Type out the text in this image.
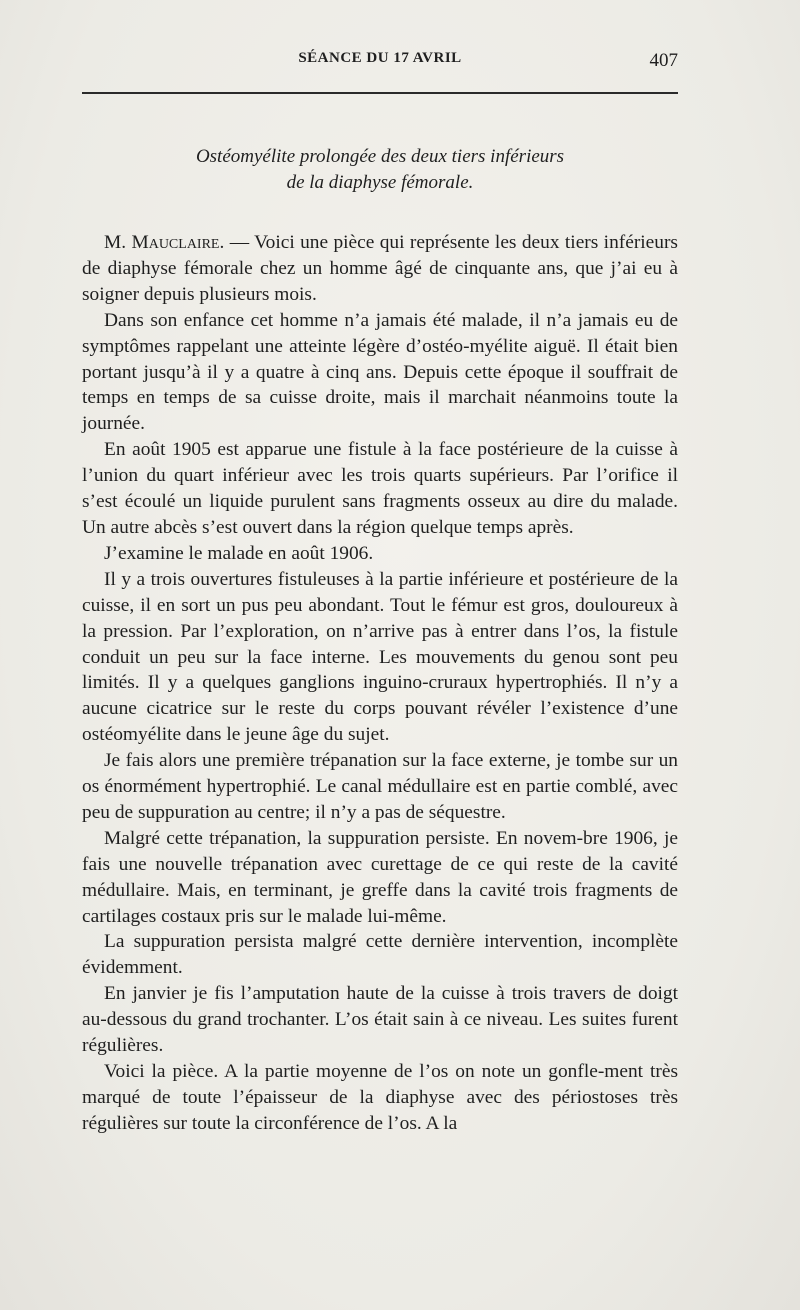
SÉANCE DU 17 AVRIL	407
Ostéomyélite prolongée des deux tiers inférieurs
de la diaphyse fémorale.

M. Mauclaire. — Voici une pièce qui représente les deux tiers inférieurs de diaphyse fémorale chez un homme âgé de cinquante ans, que j’ai eu à soigner depuis plusieurs mois.

Dans son enfance cet homme n’a jamais été malade, il n’a jamais eu de symptômes rappelant une atteinte légère d’ostéo-myélite aiguë. Il était bien portant jusqu’à il y a quatre à cinq ans. Depuis cette époque il souffrait de temps en temps de sa cuisse droite, mais il marchait néanmoins toute la journée.

En août 1905 est apparue une fistule à la face postérieure de la cuisse à l’union du quart inférieur avec les trois quarts supérieurs. Par l’orifice il s’est écoulé un liquide purulent sans fragments osseux au dire du malade. Un autre abcès s’est ouvert dans la région quelque temps après.

J’examine le malade en août 1906.

Il y a trois ouvertures fistuleuses à la partie inférieure et postérieure de la cuisse, il en sort un pus peu abondant. Tout le fémur est gros, douloureux à la pression. Par l’exploration, on n’arrive pas à entrer dans l’os, la fistule conduit un peu sur la face interne. Les mouvements du genou sont peu limités. Il y a quelques ganglions inguino-cruraux hypertrophiés. Il n’y a aucune cicatrice sur le reste du corps pouvant révéler l’existence d’une ostéomyélite dans le jeune âge du sujet.

Je fais alors une première trépanation sur la face externe, je tombe sur un os énormément hypertrophié. Le canal médullaire est en partie comblé, avec peu de suppuration au centre; il n’y a pas de séquestre.

Malgré cette trépanation, la suppuration persiste. En novem-bre 1906, je fais une nouvelle trépanation avec curettage de ce qui reste de la cavité médullaire. Mais, en terminant, je greffe dans la cavité trois fragments de cartilages costaux pris sur le malade lui-même.

La suppuration persista malgré cette dernière intervention, incomplète évidemment.

En janvier je fis l’amputation haute de la cuisse à trois travers de doigt au-dessous du grand trochanter. L’os était sain à ce niveau. Les suites furent régulières.

Voici la pièce. A la partie moyenne de l’os on note un gonfle-ment très marqué de toute l’épaisseur de la diaphyse avec des périostoses très régulières sur toute la circonférence de l’os. A la
